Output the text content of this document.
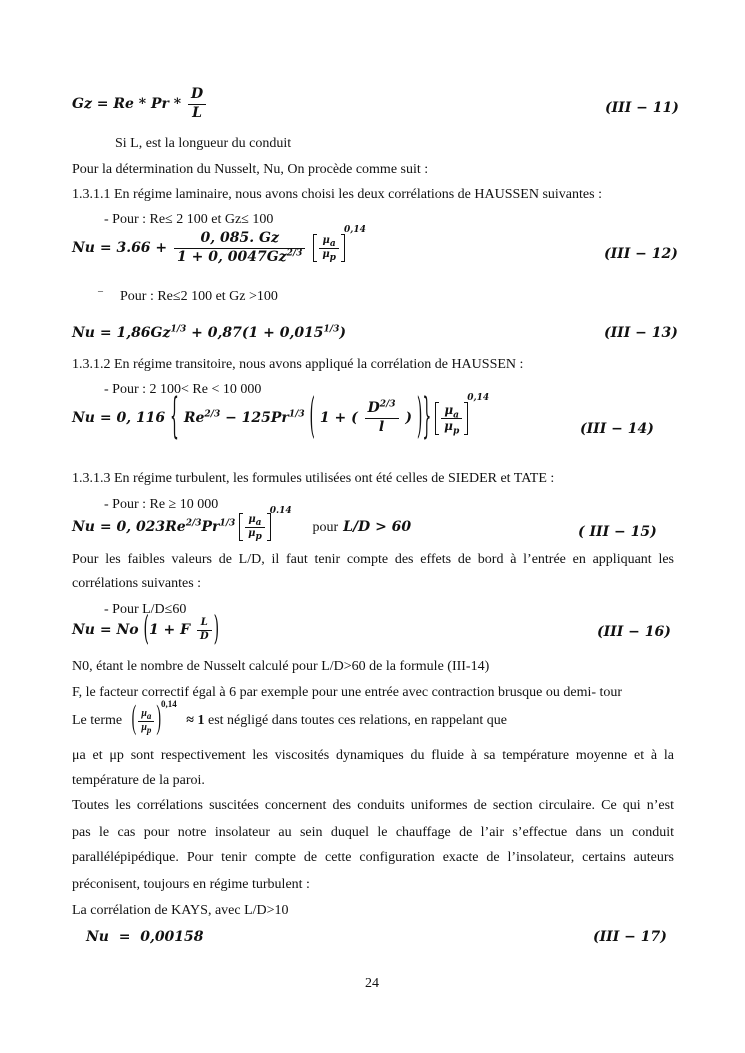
$Gz = Re * Pr * \frac{D}{L}$	(III − 11)
Si L, est la longueur du conduit
Pour la détermination du Nusselt, Nu, On procède comme suit :
1.3.1.1 En régime laminaire, nous avons choisi les deux corrélations de HAUSSEN suivantes :
- Pour : Re≤ 2 100 et Gz≤ 100
$Nu = 3.66 + \frac{0, 085. Gz}{1 + 0, 0047Gz^{2/3}}$
$\frac{\mu_a}{\mu_p}$
$^{0,14}$
(III − 12)
– Pour : Re≤2 100 et Gz >100
$Nu = 1,86Gz^{1/3} + 0,87(1 + 0,015^{1/3})$	(III − 13)
1.3.1.2 En régime transitoire, nous avons appliqué la corrélation de HAUSSEN :
- Pour : 2 100< Re < 10 000
Nu = 0, 116 { $Re^{2/3} - 125Pr^{1/3}$ ( 1 + ( $\frac{D^{2/3}}{l}$ ) )} $\frac{\mu_a}{\mu_p}$
$^{0,14}$
(III − 14)
1.3.1.3 En régime turbulent, les formules utilisées ont été celles de SIEDER et TATE :
- Pour : Re ≥ 10 000
Nu = 0, $023Re^{2/3}Pr^{1/3} \frac{\mu_a}{\mu_p}$
$^{0.14}$ pour L/D > 60	( III − 15)
Pour les faibles valeurs de L/D, il faut tenir compte des effets de bord à l’entrée en appliquant les
corrélations suivantes :
- Pour L/D≤60
Nu = No (1 + F $\frac{L}{D}$ )	(III − 16)
N0, étant le nombre de Nusselt calculé pour L/D>60 de la formule (III-14)
F, le facteur correctif égal à 6 par exemple pour une entrée avec contraction brusque ou demi- tour
Le terme ( $\frac{\mu_a}{\mu_p} )^{0,14} \approx 1$ est négligé dans toutes ces relations, en rappelant que
μa et μp sont respectivement les viscosités dynamiques du fluide à sa température moyenne et à la
température de la paroi.
Toutes les corrélations suscitées concernent des conduits uniformes de section circulaire. Ce qui n’est
pas le cas pour notre insolateur au sein duquel le chauffage de l’air s’effectue dans un conduit
parallélépipédique. Pour tenir compte de cette configuration exacte de l’insolateur, certains auteurs
préconisent, toujours en régime turbulent :
La corrélation de KAYS, avec L/D>10
Nu  =  0,00158	(III − 17)
24
